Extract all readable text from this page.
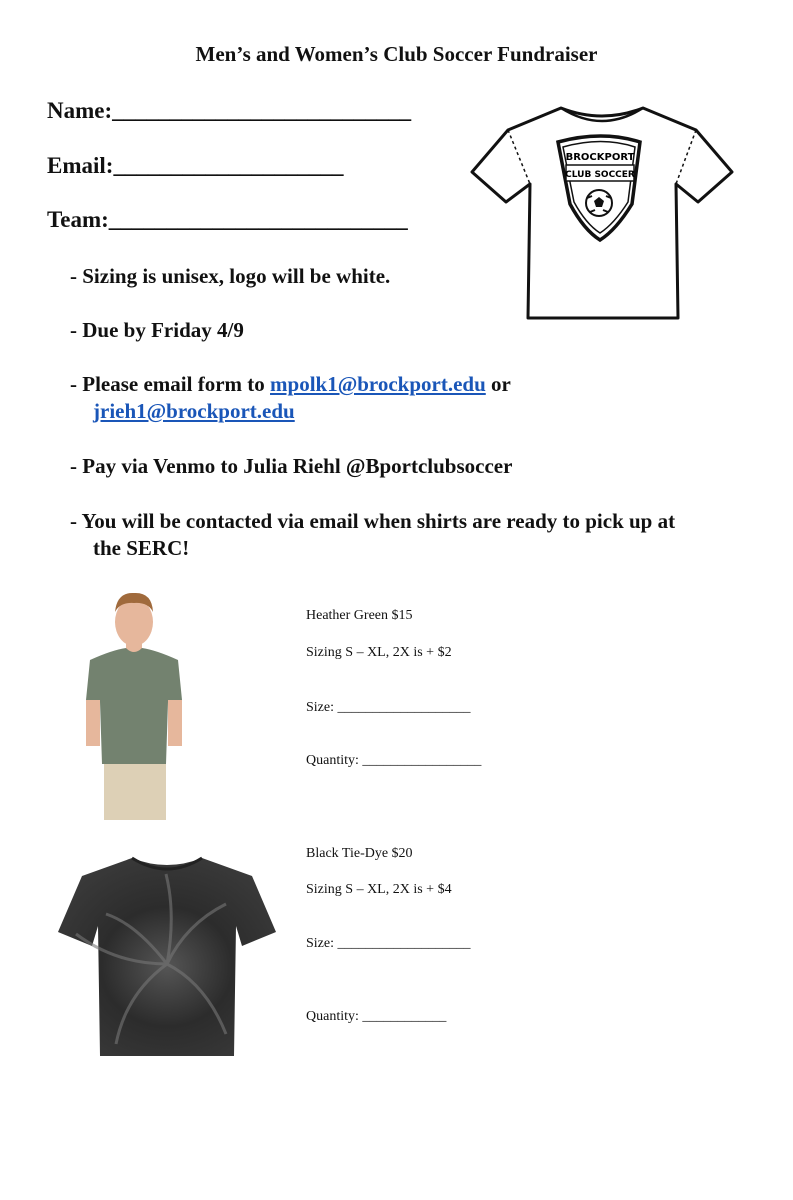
Men’s and Women’s Club Soccer Fundraiser
Name:__________________________
Email:____________________
Team:__________________________
BROCKPORT
CLUB SOCCER
- Sizing is unisex, logo will be white.
- Due by Friday 4/9
- Please email form to mpolk1@brockport.edu or
jrieh1@brockport.edu
- Pay via Venmo to Julia Riehl @Bportclubsoccer
- You will be contacted via email when shirts are ready to pick up at
the SERC!
Heather Green $15
Sizing S – XL, 2X is + $2
Size: ___________________
Quantity: _________________
Black Tie-Dye $20
Sizing S – XL, 2X is + $4
Size: ___________________
Quantity: ____________
